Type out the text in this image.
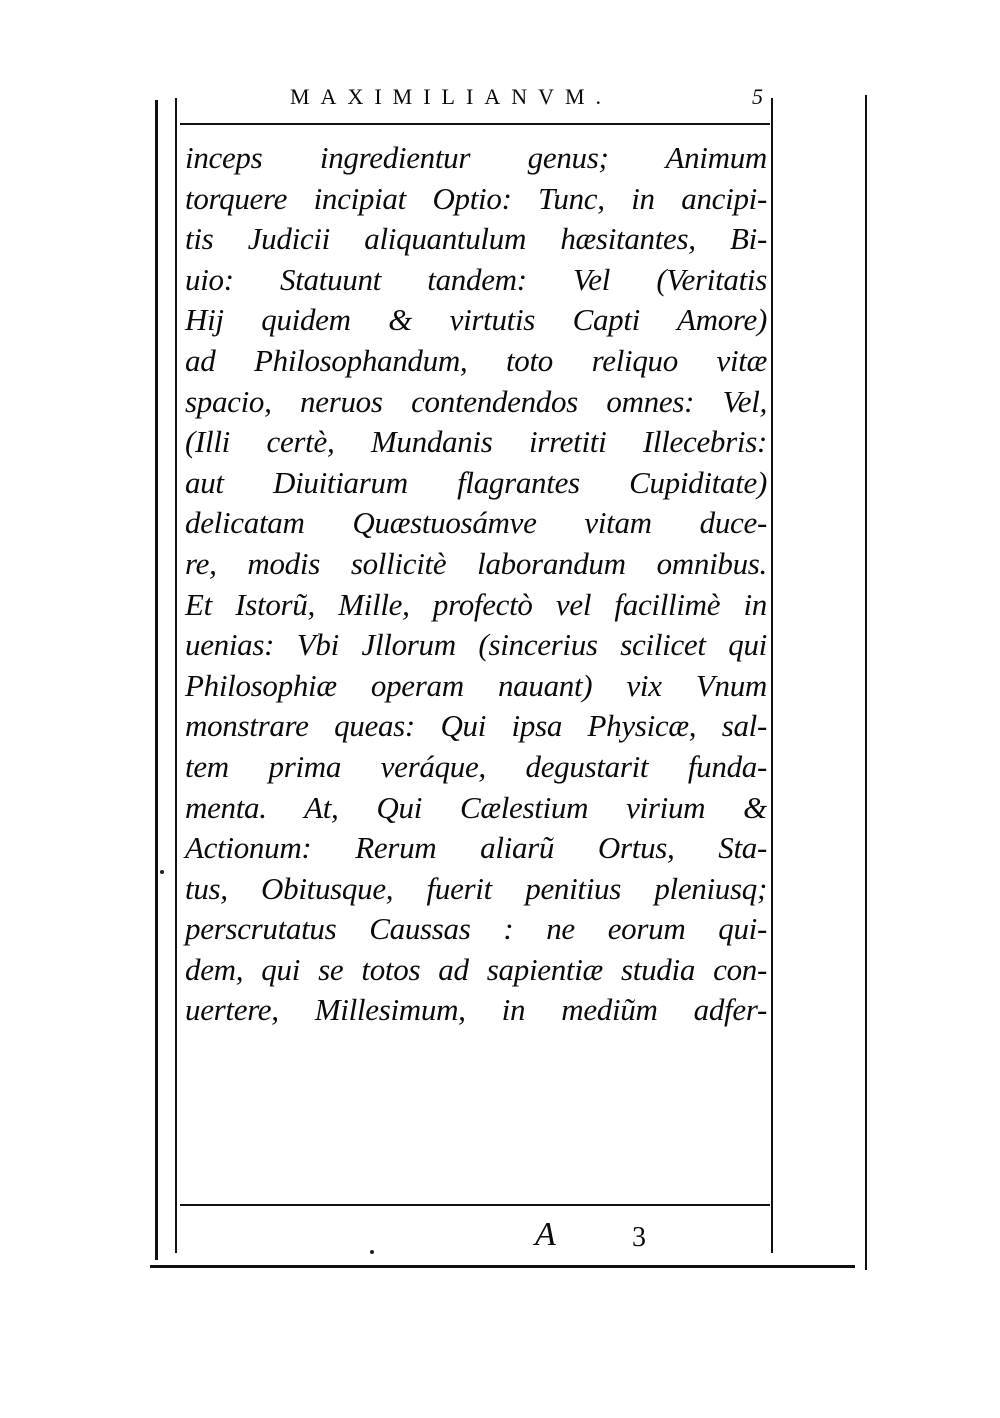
MAXIMILIANVM.	5
inceps ingredientur genus; Animum
torquere incipiat Optio: Tunc, in ancipi-
tis Judicii aliquantulum hæsitantes, Bi-
uio: Statuunt tandem: Vel (Veritatis
Hij quidem & virtutis Capti Amore)
ad Philosophandum, toto reliquo vitæ
spacio, neruos contendendos omnes: Vel,
(Illi certè, Mundanis irretiti Illecebris:
aut Diuitiarum flagrantes Cupiditate)
delicatam Quæstuosámve vitam duce-
re, modis sollicitè laborandum omnibus.
Et Istorũ, Mille, profectò vel facillimè in
uenias: Vbi Jllorum (sincerius scilicet qui
Philosophiæ operam nauant) vix Vnum
monstrare queas: Qui ipsa Physicæ, sal-
tem prima veráque, degustarit funda-
menta. At, Qui Cælestium virium &
Actionum: Rerum aliarũ Ortus, Sta-
tus, Obitusque, fuerit penitius pleniusq;
perscrutatus Caussas : ne eorum qui-
dem, qui se totos ad sapientiæ studia con-
uertere, Millesimum, in mediũm adfer-
A	3
